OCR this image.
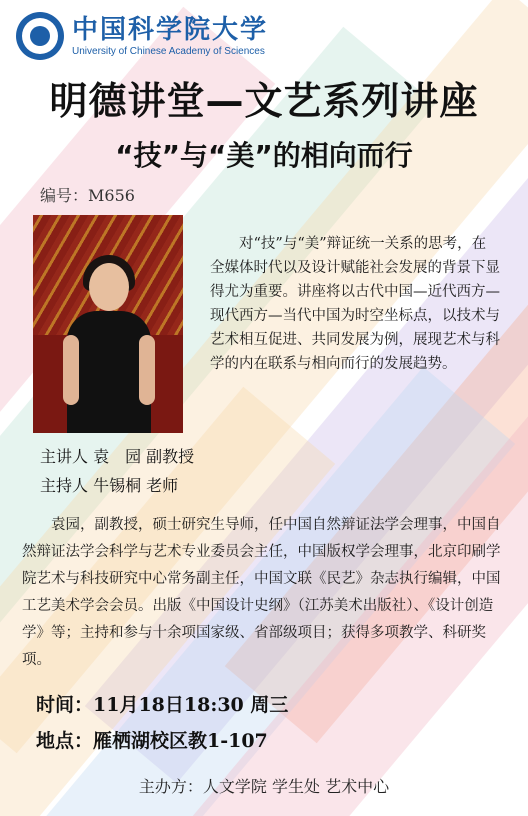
中国科学院大学
University of Chinese Academy of Sciences
明德讲堂—文艺系列讲座
“技”与“美”的相向而行
编号：M656
对“技”与“美”辩证统一关系的思考，在全媒体时代以及设计赋能社会发展的背景下显得尤为重要。讲座将以古代中国—近代西方—现代西方—当代中国为时空坐标点，以技术与艺术相互促进、共同发展为例，展现艺术与科学的内在联系与相向而行的发展趋势。
主讲人 袁　园 副教授
主持人 牛锡桐 老师
袁园，副教授，硕士研究生导师，任中国自然辩证法学会理事，中国自然辩证法学会科学与艺术专业委员会主任，中国版权学会理事，北京印刷学院艺术与科技研究中心常务副主任，中国文联《民艺》杂志执行编辑，中国工艺美术学会会员。出版《中国设计史纲》（江苏美术出版社）、《设计创造学》等；主持和参与十余项国家级、省部级项目；获得多项教学、科研奖项。
时间：11月18日18:30 周三
地点：雁栖湖校区教1-107
主办方：人文学院 学生处 艺术中心
